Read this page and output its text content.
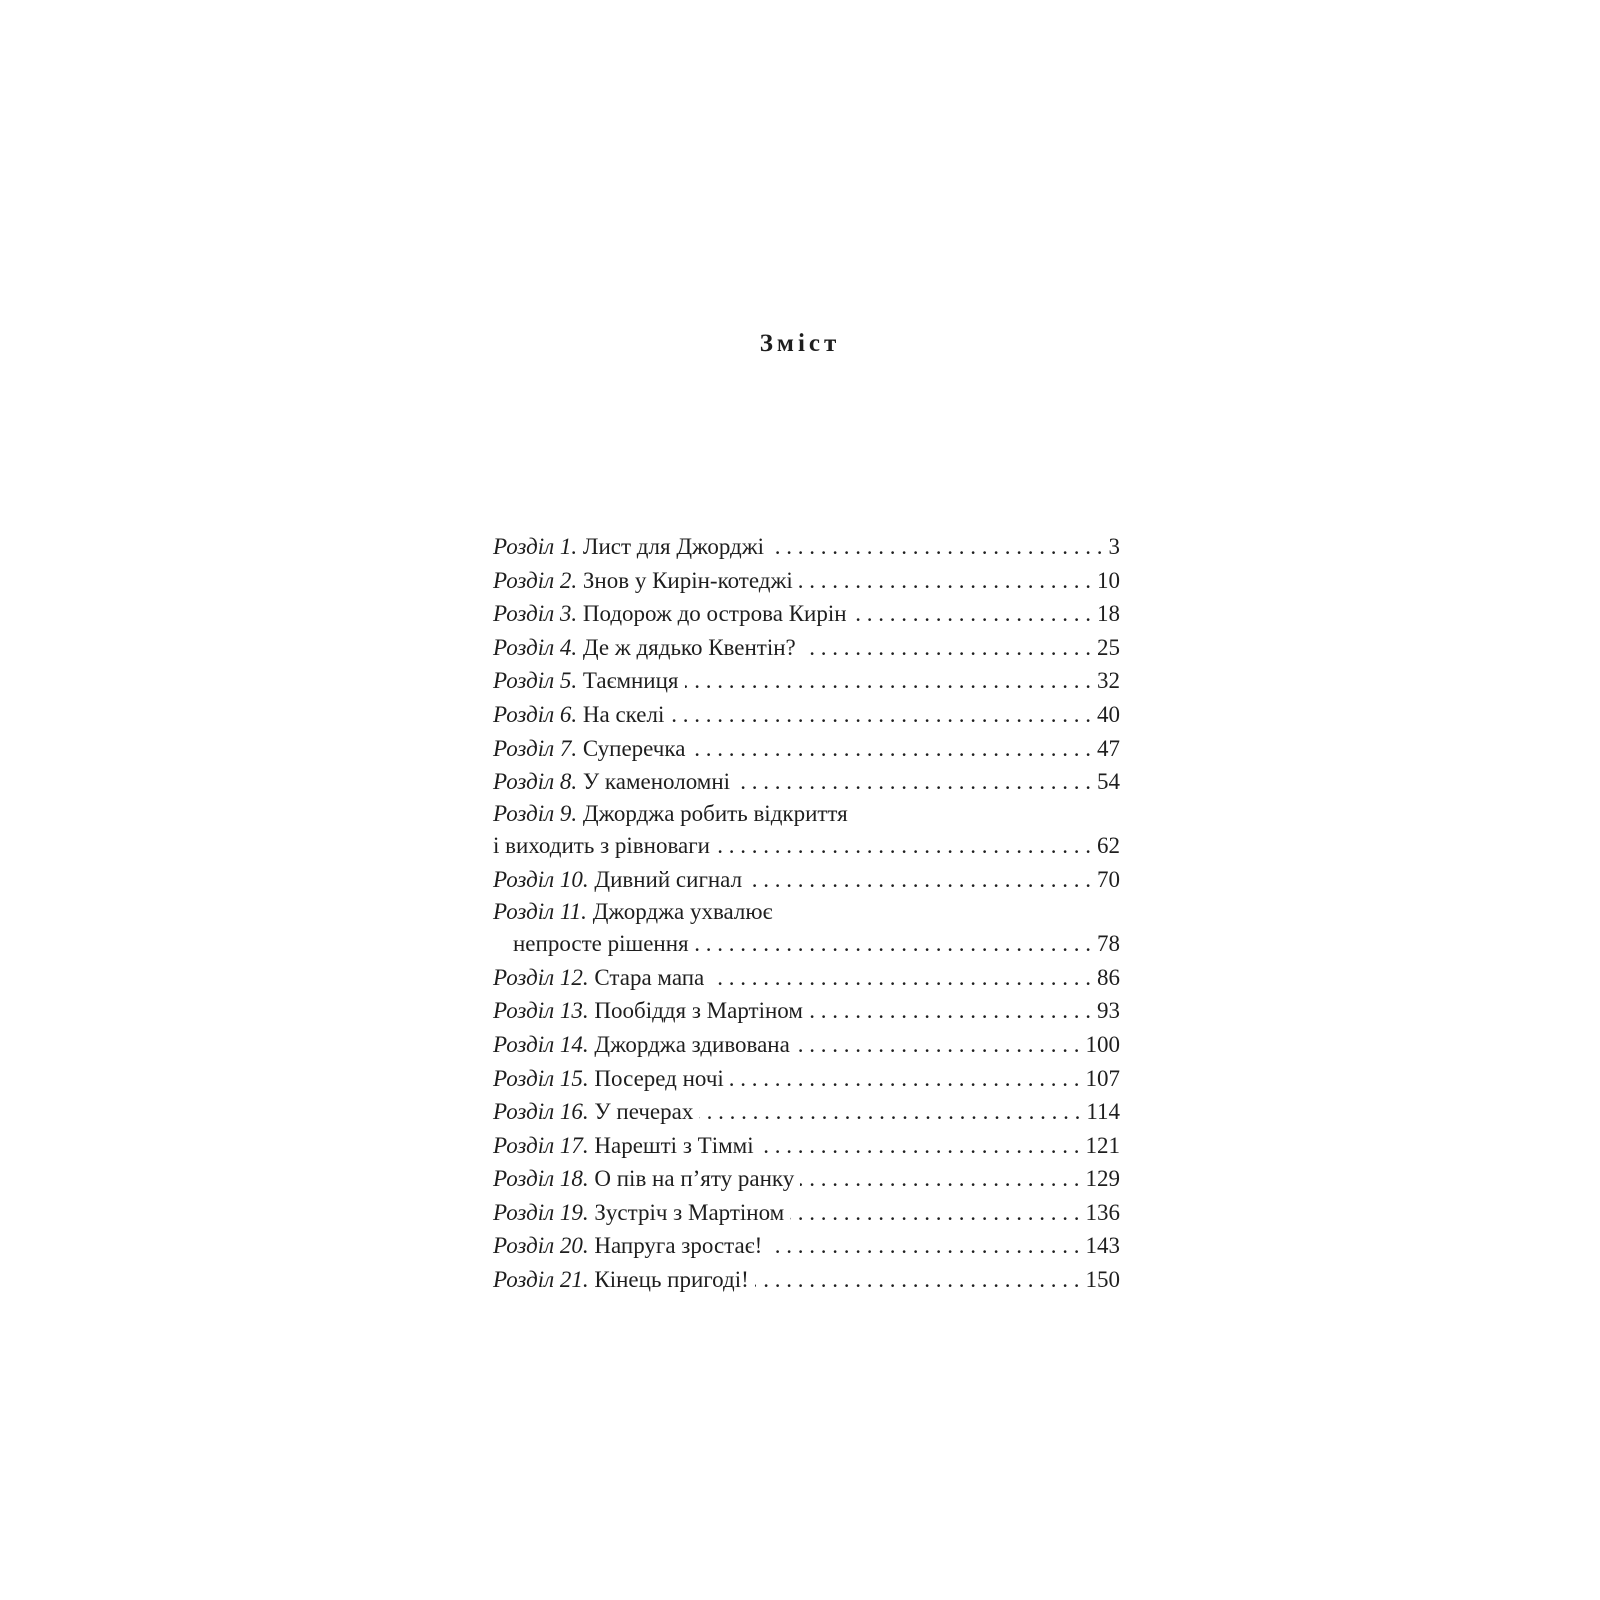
Зміст
Розділ 1.
Лист для Джорджі . . .	3
Розділ 2.
Знов у Кирін-котеджі . . .	10
Розділ 3.
Подорож до острова Кирін . . .	18
Розділ 4.
Де ж дядько Квентін? . . .	25
Розділ 5.
Таємниця . . .	32
Розділ 6.
На скелі . . .	40
Розділ 7.
Суперечка . . .	47
Розділ 8.
У каменоломні . . .	54
Розділ 9.
Джорджа робить відкриття
і виходить з рівноваги . . .	62
Розділ 10.
Дивний сигнал . . .	70
Розділ 11.
Джорджа ухвалює
непросте рішення . . .	78
Розділ 12.
Стара мапа . . .	86
Розділ 13.
Пообіддя з Мартіном . . .	93
Розділ 14.
Джорджа здивована . . .	100
Розділ 15.
Посеред ночі . . .	107
Розділ 16.
У печерах . . .	114
Розділ 17.
Нарешті з Тіммі . . .	121
Розділ 18.
О пів на п’яту ранку . . .	129
Розділ 19.
Зустріч з Мартіном . . .	136
Розділ 20.
Напруга зростає! . . .	143
Розділ 21.
Кінець пригоді! . . .	150
